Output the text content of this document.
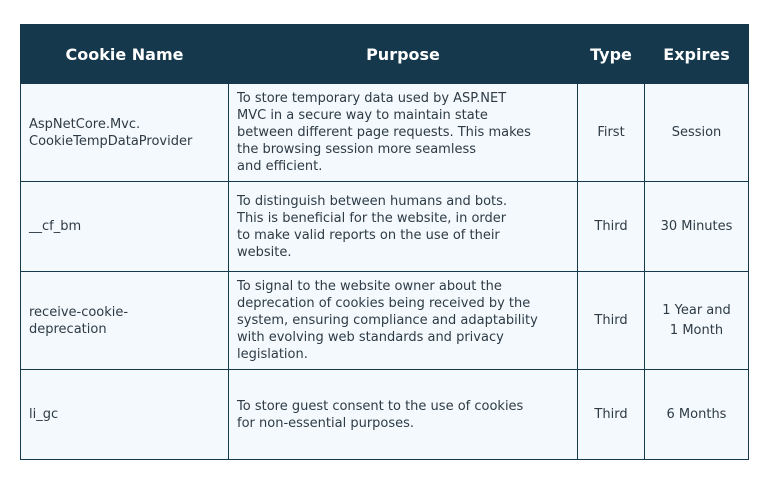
Cookie Name	Purpose	Type	Expires
AspNetCore.Mvc.
CookieTempDataProvider	To store temporary data used by ASP.NET
MVC in a secure way to maintain state
between different page requests. This makes
the browsing session more seamless
and efficient.	First	Session
__cf_bm	To distinguish between humans and bots.
This is beneficial for the website, in order
to make valid reports on the use of their
website.	Third	30 Minutes
receive-cookie-
deprecation	To signal to the website owner about the
deprecation of cookies being received by the
system, ensuring compliance and adaptability
with evolving web standards and privacy
legislation.	Third	1 Year and
1 Month
li_gc	To store guest consent to the use of cookies
for non-essential purposes.	Third	6 Months
